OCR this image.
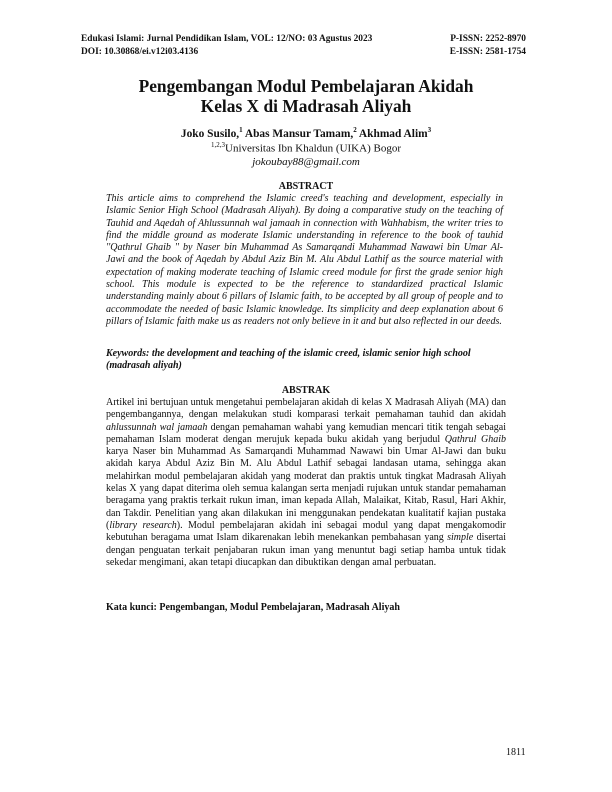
Edukasi Islami: Jurnal Pendidikan Islam, VOL: 12/NO: 03 Agustus 2023	P-ISSN: 2252-8970
DOI: 10.30868/ei.v12i03.4136	E-ISSN: 2581-1754
Pengembangan Modul Pembelajaran Akidah
Kelas X di Madrasah Aliyah
Joko Susilo,$^1$ Abas Mansur Tamam,$^2$ Akhmad Alim$^3$
$^{1,2,3}$Universitas Ibn Khaldun (UIKA) Bogor
jokoubay88@gmail.com
ABSTRACT

This article aims to comprehend the Islamic creed's teaching and development, especially in Islamic Senior High School (Madrasah Aliyah). By doing a comparative study on the teaching of Tauhid and Aqedah of Ahlussunnah wal jamaah in connection with Wahhabism, the writer tries to find the middle ground as moderate Islamic understanding in reference to the book of tauhid ''Qathrul Ghaib '' by Naser bin Muhammad As Samarqandi Muhammad Nawawi bin Umar Al-Jawi and the book of Aqedah by Abdul Aziz Bin M. Alu Abdul Lathif as the source material with expectation of making moderate teaching of Islamic creed module for first the grade senior high school. This module is expected to be the reference to standardized practical Islamic understanding mainly about 6 pillars of Islamic faith, to be accepted by all group of people and to accommodate the needed of basic Islamic knowledge. Its simplicity and deep explanation about 6 pillars of Islamic faith make us as readers not only believe in it and but also reflected in our deeds.

Keywords: the development and teaching of the islamic creed, islamic senior high school (madrasah aliyah)

ABSTRAK

Artikel ini bertujuan untuk mengetahui pembelajaran akidah di kelas X Madrasah Aliyah (MA) dan pengembangannya, dengan melakukan studi komparasi terkait pemahaman tauhid dan akidah ahlussunnah wal jamaah dengan pemahaman wahabi yang kemudian mencari titik tengah sebagai pemahaman Islam moderat dengan merujuk kepada buku akidah yang berjudul Qathrul Ghaib karya Naser bin Muhammad As Samarqandi Muhammad Nawawi bin Umar Al-Jawi dan buku akidah karya Abdul Aziz Bin M. Alu Abdul Lathif sebagai landasan utama, sehingga akan melahirkan modul pembelajaran akidah yang moderat dan praktis untuk tingkat Madrasah Aliyah kelas X yang dapat diterima oleh semua kalangan serta menjadi rujukan untuk standar pemahaman beragama yang praktis terkait rukun iman, iman kepada Allah, Malaikat, Kitab, Rasul, Hari Akhir, dan Takdir. Penelitian yang akan dilakukan ini menggunakan pendekatan kualitatif kajian pustaka (library research). Modul pembelajaran akidah ini sebagai modul yang dapat mengakomodir kebutuhan beragama umat Islam dikarenakan lebih menekankan pembahasan yang simple disertai dengan penguatan terkait penjabaran rukun iman yang menuntut bagi setiap hamba untuk tidak sekedar mengimani, akan tetapi diucapkan dan dibuktikan dengan amal perbuatan.

Kata kunci: Pengembangan, Modul Pembelajaran, Madrasah Aliyah

1811
